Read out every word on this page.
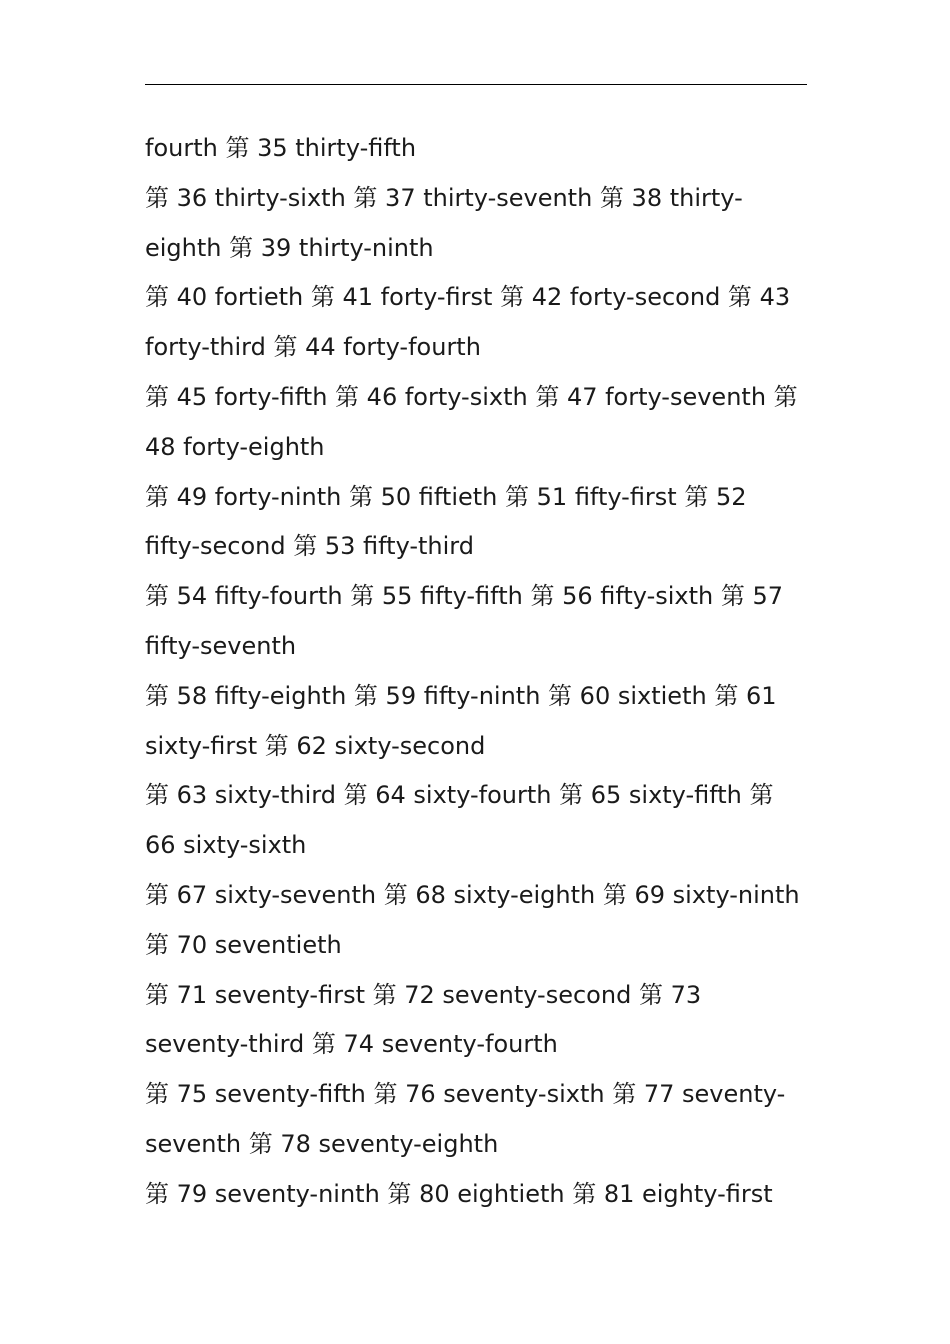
fourth 第 35 thirty-fifth
第 36 thirty-sixth 第 37 thirty-seventh 第 38 thirty-
eighth 第 39 thirty-ninth
第 40 fortieth 第 41 forty-first 第 42 forty-second 第 43
forty-third 第 44 forty-fourth
第 45 forty-fifth 第 46 forty-sixth 第 47 forty-seventh 第
48 forty-eighth
第 49 forty-ninth 第 50 fiftieth 第 51 fifty-first 第 52
fifty-second 第 53 fifty-third
第 54 fifty-fourth 第 55 fifty-fifth 第 56 fifty-sixth 第 57
fifty-seventh
第 58 fifty-eighth 第 59 fifty-ninth 第 60 sixtieth 第 61
sixty-first 第 62 sixty-second
第 63 sixty-third 第 64 sixty-fourth 第 65 sixty-fifth 第
66 sixty-sixth
第 67 sixty-seventh 第 68 sixty-eighth 第 69 sixty-ninth
第 70 seventieth
第 71 seventy-first 第 72 seventy-second 第 73
seventy-third 第 74 seventy-fourth
第 75 seventy-fifth 第 76 seventy-sixth 第 77 seventy-
seventh 第 78 seventy-eighth
第 79 seventy-ninth 第 80 eightieth 第 81 eighty-first
